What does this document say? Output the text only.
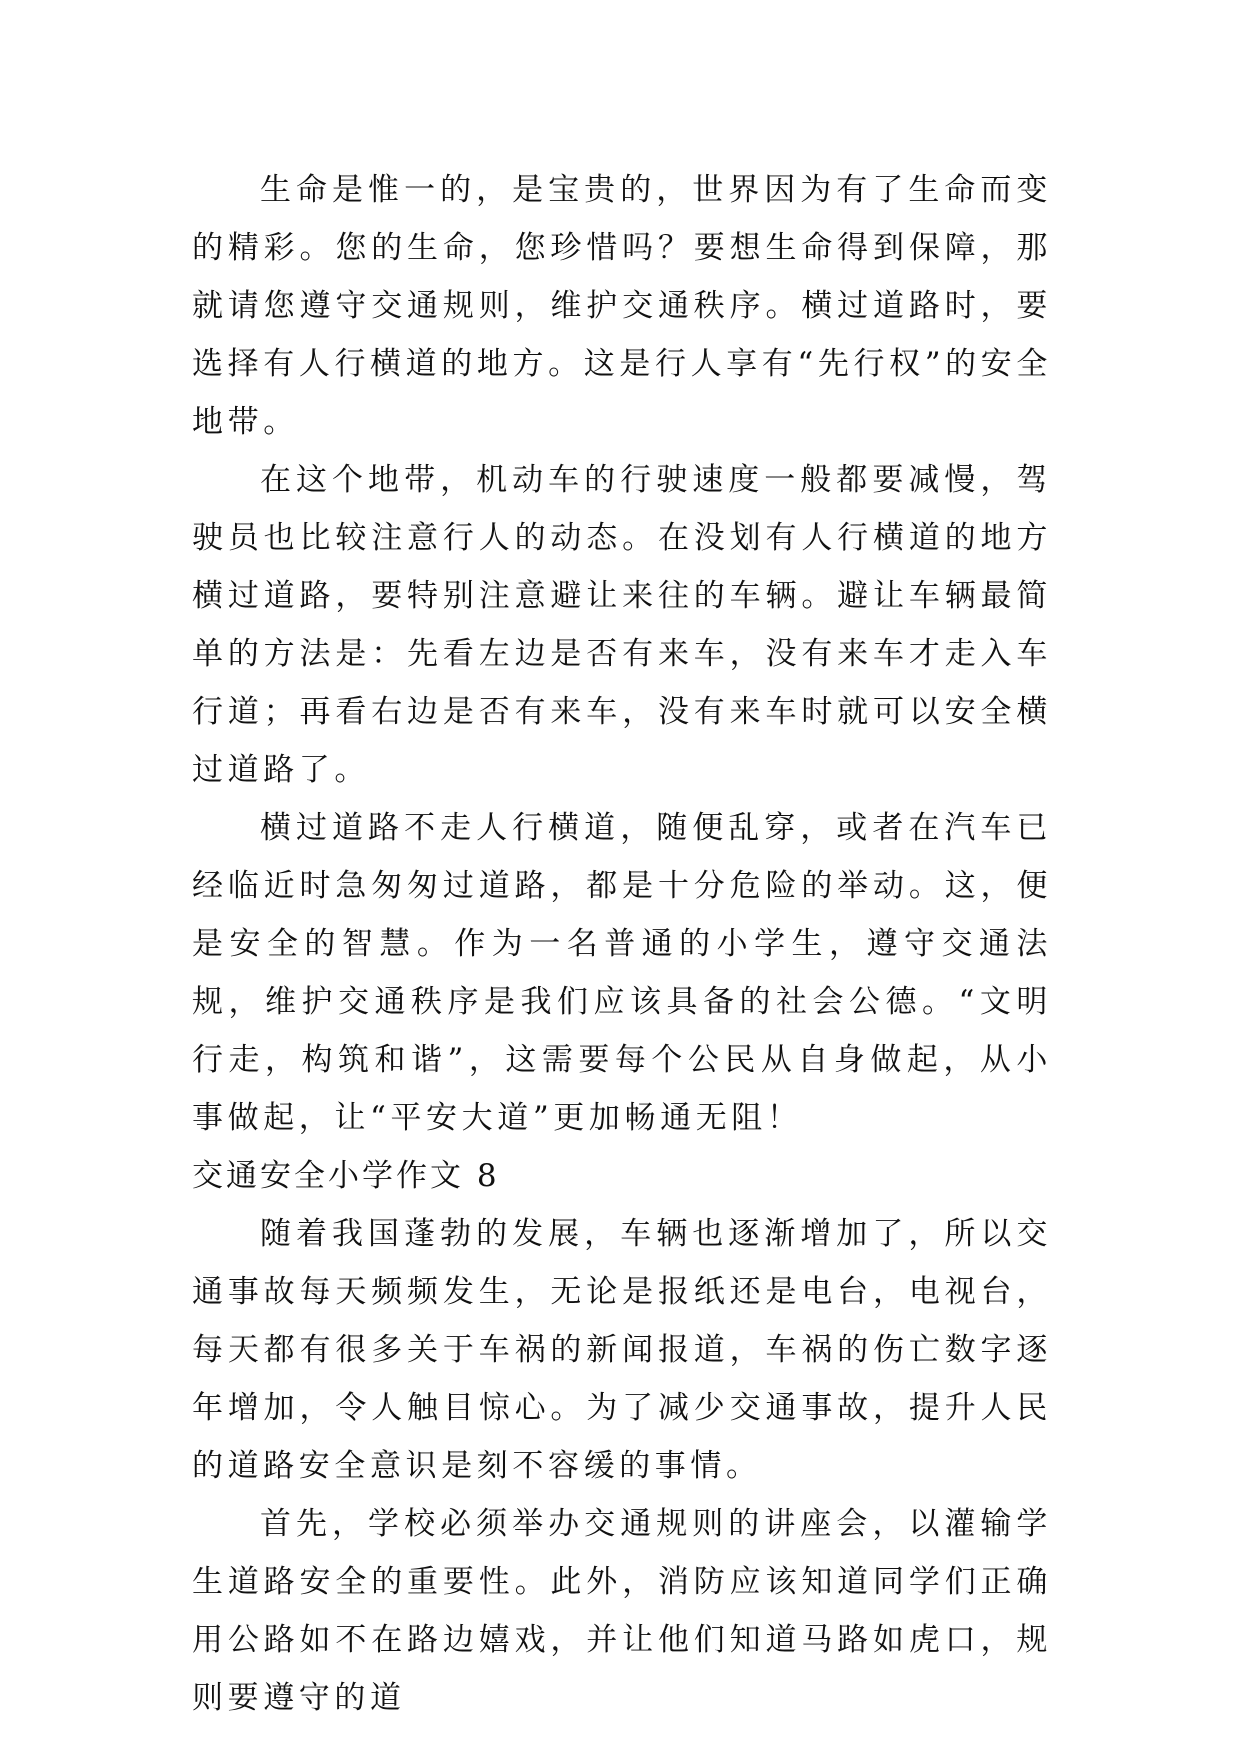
生命是惟一的，是宝贵的，世界因为有了生命而变的精彩。您的生命，您珍惜吗？要想生命得到保障，那就请您遵守交通规则，维护交通秩序。横过道路时，要选择有人行横道的地方。这是行人享有“先行权”的安全地带。

在这个地带，机动车的行驶速度一般都要减慢，驾驶员也比较注意行人的动态。在没划有人行横道的地方横过道路，要特别注意避让来往的车辆。避让车辆最简单的方法是：先看左边是否有来车，没有来车才走入车行道；再看右边是否有来车，没有来车时就可以安全横过道路了。

横过道路不走人行横道，随便乱穿，或者在汽车已经临近时急匆匆过道路，都是十分危险的举动。这，便是安全的智慧。作为一名普通的小学生，遵守交通法规，维护交通秩序是我们应该具备的社会公德。“文明行走，构筑和谐”，这需要每个公民从自身做起，从小事做起，让“平安大道”更加畅通无阻！

交通安全小学作文 8

随着我国蓬勃的发展，车辆也逐渐增加了，所以交通事故每天频频发生，无论是报纸还是电台，电视台，每天都有很多关于车祸的新闻报道，车祸的伤亡数字逐年增加，令人触目惊心。为了减少交通事故，提升人民的道路安全意识是刻不容缓的事情。

首先，学校必须举办交通规则的讲座会，以灌输学生道路安全的重要性。此外，消防应该知道同学们正确用公路如不在路边嬉戏，并让他们知道马路如虎口，规则要遵守的道
